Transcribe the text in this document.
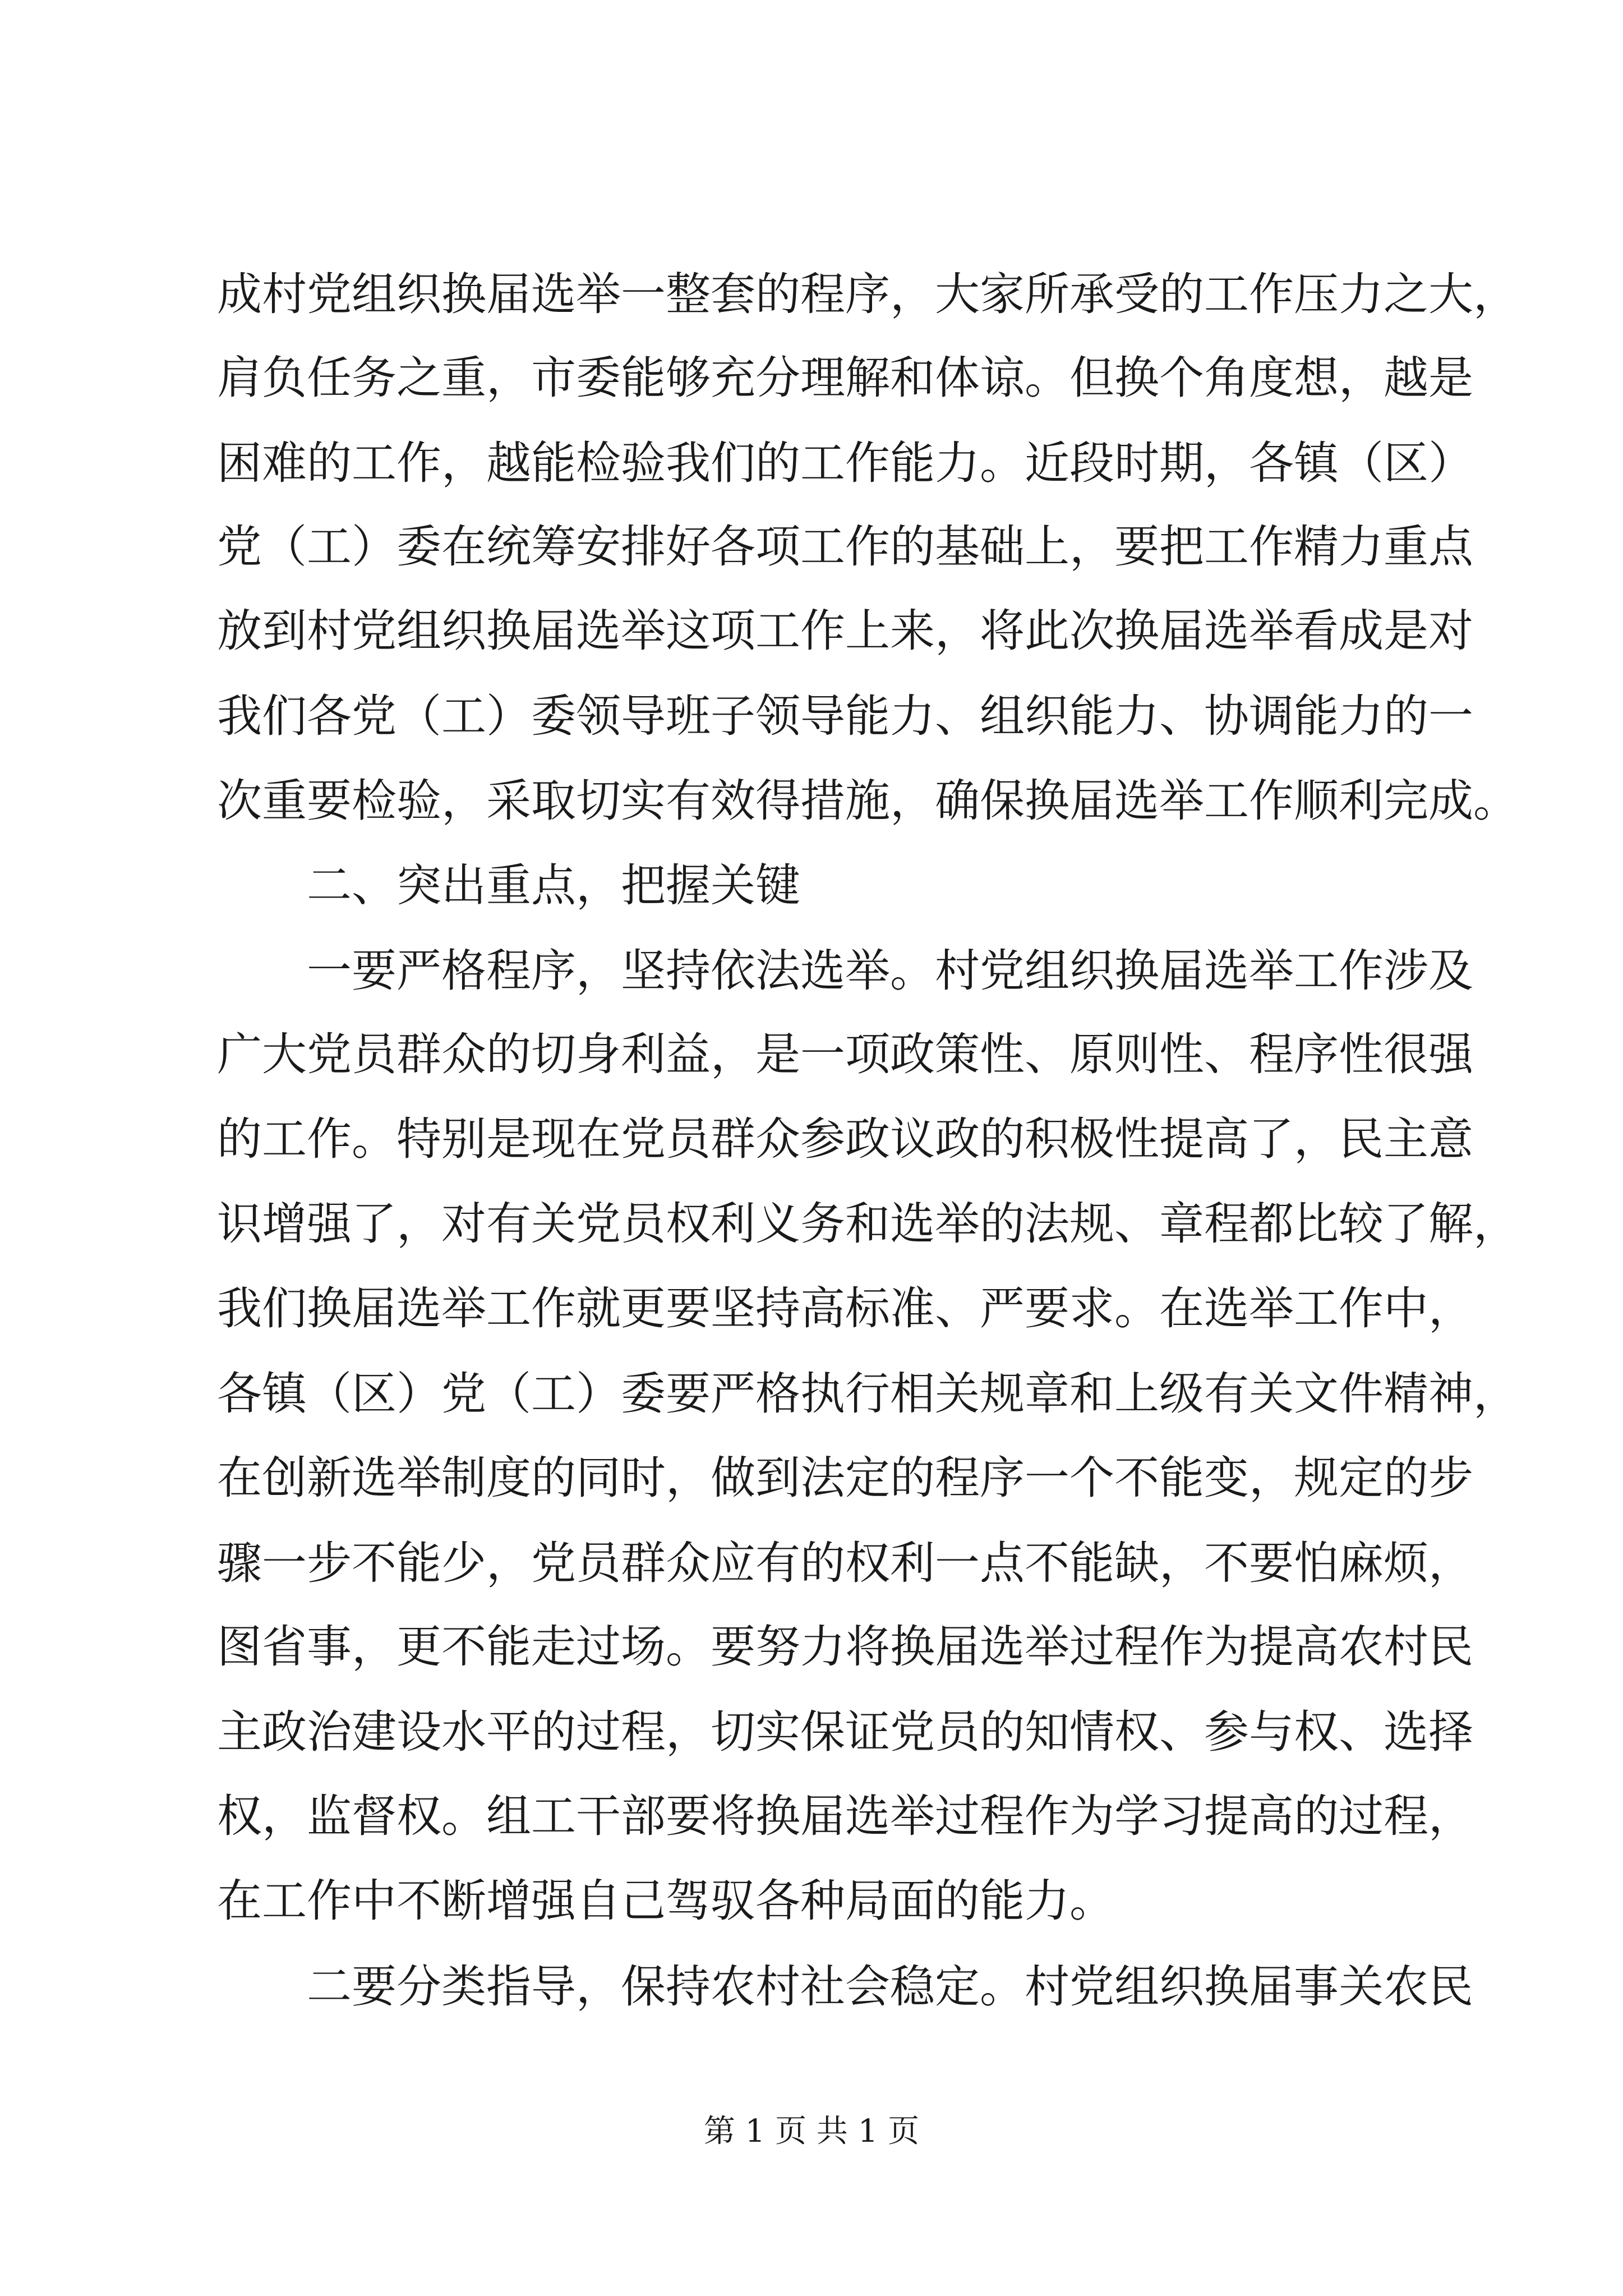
成村党组织换届选举一整套的程序，大家所承受的工作压力之大，
肩负任务之重，市委能够充分理解和体谅。但换个角度想，越是
困难的工作，越能检验我们的工作能力。近段时期，各镇（区）
党（工）委在统筹安排好各项工作的基础上，要把工作精力重点
放到村党组织换届选举这项工作上来，将此次换届选举看成是对
我们各党（工）委领导班子领导能力、组织能力、协调能力的一
次重要检验，采取切实有效得措施，确保换届选举工作顺利完成。
二、突出重点，把握关键
一要严格程序，坚持依法选举。村党组织换届选举工作涉及
广大党员群众的切身利益，是一项政策性、原则性、程序性很强
的工作。特别是现在党员群众参政议政的积极性提高了，民主意
识增强了，对有关党员权利义务和选举的法规、章程都比较了解，
我们换届选举工作就更要坚持高标准、严要求。在选举工作中，
各镇（区）党（工）委要严格执行相关规章和上级有关文件精神，
在创新选举制度的同时，做到法定的程序一个不能变，规定的步
骤一步不能少，党员群众应有的权利一点不能缺，不要怕麻烦，
图省事，更不能走过场。要努力将换届选举过程作为提高农村民
主政治建设水平的过程，切实保证党员的知情权、参与权、选择
权，监督权。组工干部要将换届选举过程作为学习提高的过程，
在工作中不断增强自己驾驭各种局面的能力。
二要分类指导，保持农村社会稳定。村党组织换届事关农民
第 1 页 共 1 页
